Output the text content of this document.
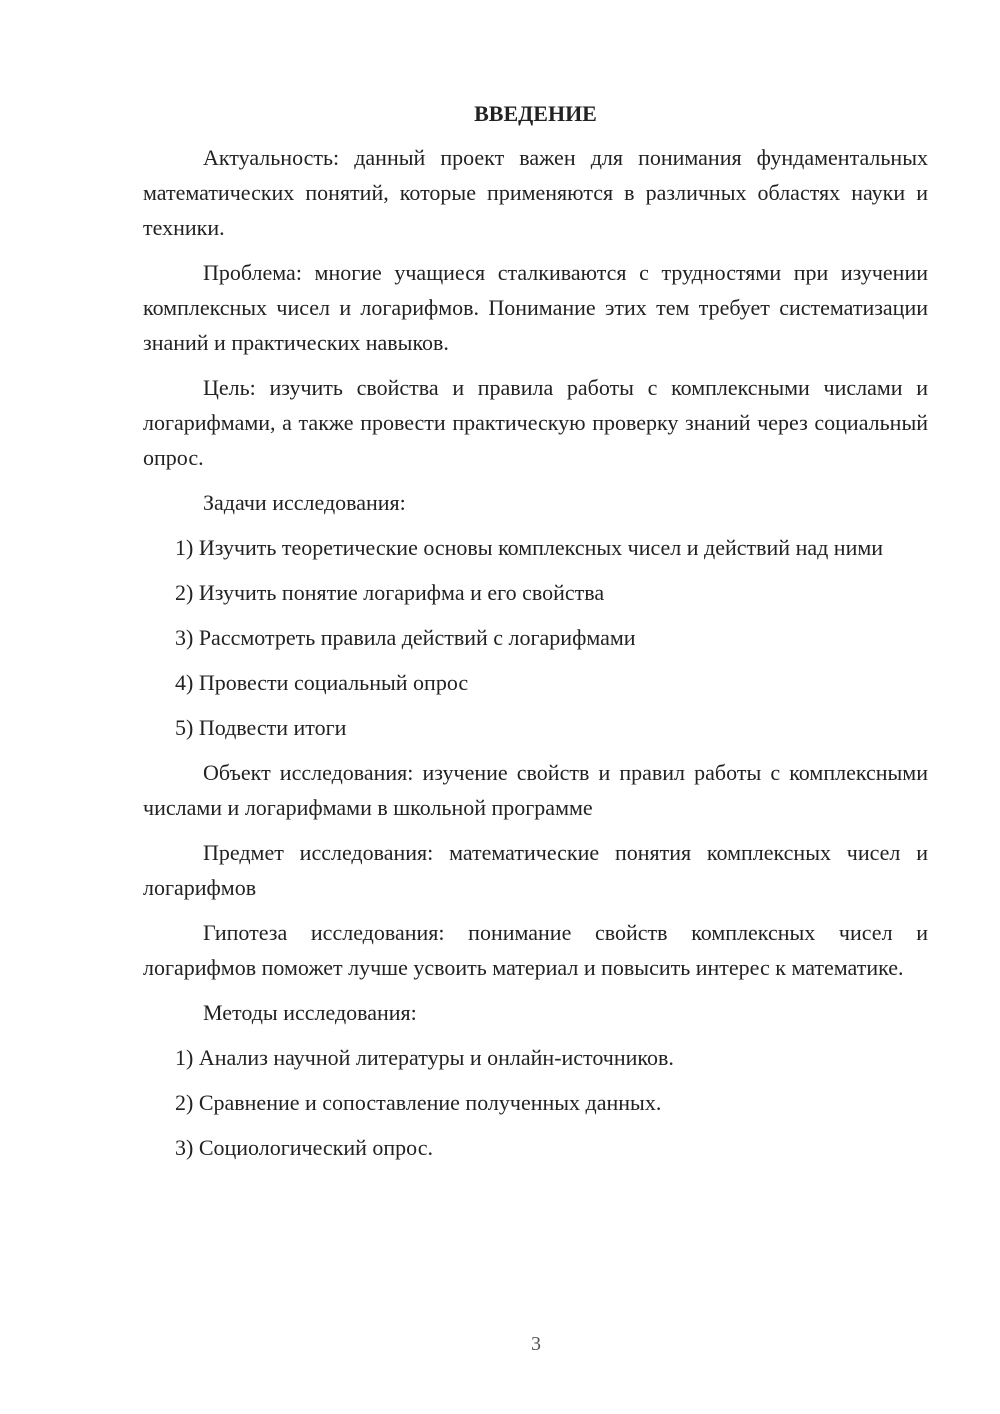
ВВЕДЕНИЕ

Актуальность: данный проект важен для понимания фундаментальных математических понятий, которые применяются в различных областях науки и техники.

Проблема: многие учащиеся сталкиваются с трудностями при изучении комплексных чисел и логарифмов. Понимание этих тем требует систематизации знаний и практических навыков.

Цель: изучить свойства и правила работы с комплексными числами и логарифмами, а также провести практическую проверку знаний через социальный опрос.

Задачи исследования:

1) Изучить теоретические основы комплексных чисел и действий над ними

2) Изучить понятие логарифма и его свойства

3) Рассмотреть правила действий с логарифмами

4) Провести социальный опрос

5) Подвести итоги

Объект исследования: изучение свойств и правил работы с комплексными числами и логарифмами в школьной программе

Предмет исследования: математические понятия комплексных чисел и логарифмов

Гипотеза исследования: понимание свойств комплексных чисел и логарифмов поможет лучше усвоить материал и повысить интерес к математике.

Методы исследования:

1) Анализ научной литературы и онлайн-источников.

2) Сравнение и сопоставление полученных данных.

3) Социологический опрос.

3
